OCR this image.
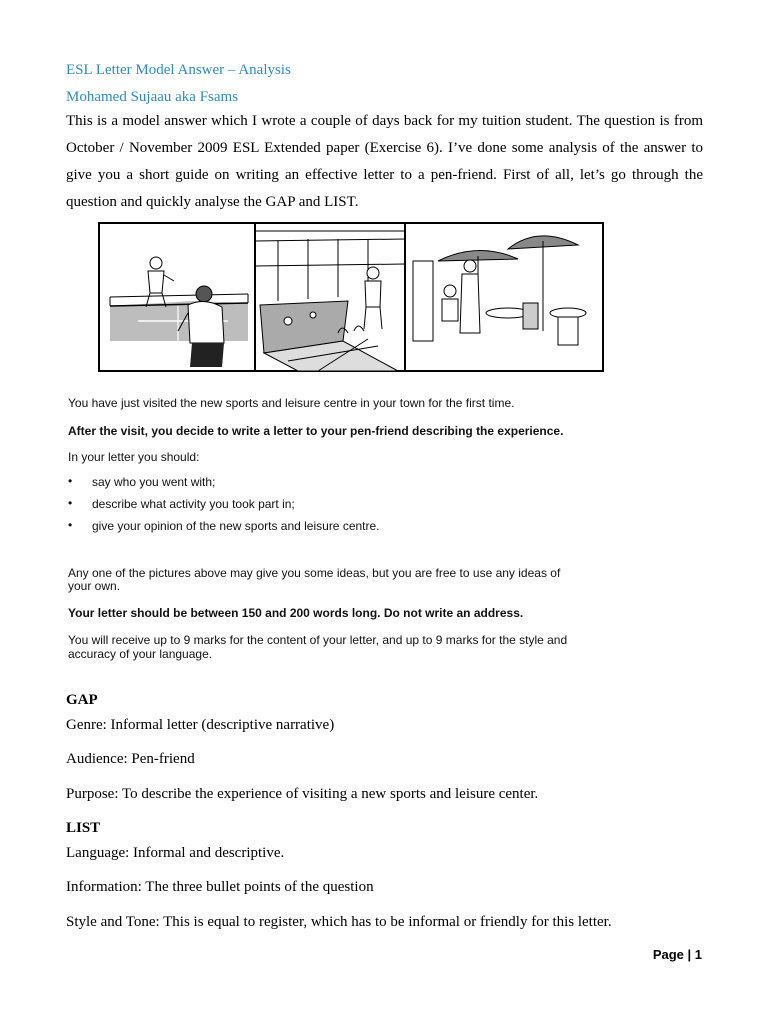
ESL Letter Model Answer – Analysis
Mohamed Sujaau aka Fsams
This is a model answer which I wrote a couple of days back for my tuition student. The question is from October / November 2009 ESL Extended paper (Exercise 6). I’ve done some analysis of the answer to give you a short guide on writing an effective letter to a pen-friend. First of all, let’s go through the question and quickly analyse the GAP and LIST.
You have just visited the new sports and leisure centre in your town for the first time.
After the visit, you decide to write a letter to your pen-friend describing the experience.
In your letter you should:
• say who you went with;
• describe what activity you took part in;
• give your opinion of the new sports and leisure centre.
Any one of the pictures above may give you some ideas, but you are free to use any ideas of
your own.
Your letter should be between 150 and 200 words long. Do not write an address.
You will receive up to 9 marks for the content of your letter, and up to 9 marks for the style and
accuracy of your language.
GAP
Genre: Informal letter (descriptive narrative)
Audience: Pen-friend
Purpose: To describe the experience of visiting a new sports and leisure center.
LIST
Language: Informal and descriptive.
Information: The three bullet points of the question
Style and Tone: This is equal to register, which has to be informal or friendly for this letter.
Page | 1
